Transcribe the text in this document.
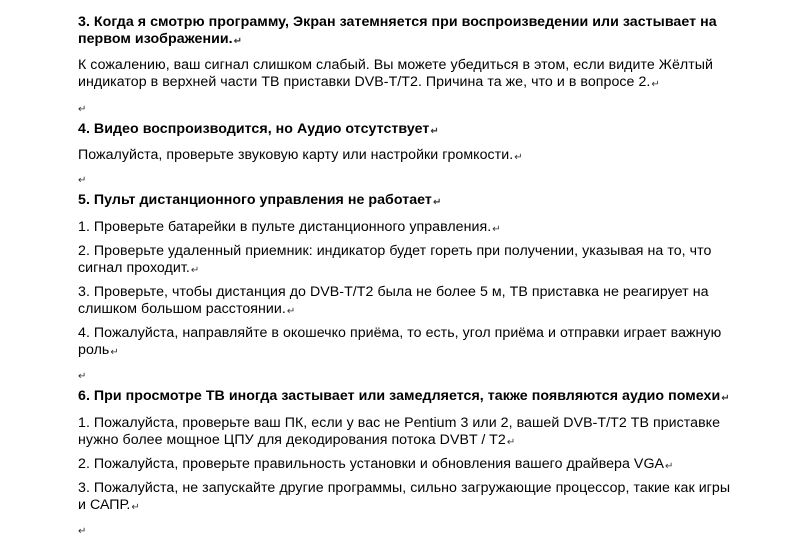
3. Когда я смотрю программу, Экран затемняется при воспроизведении или застывает на
первом изображении.↵
К сожалению, ваш сигнал слишком слабый. Вы можете убедиться в этом, если видите Жёлтый
индикатор в верхней части ТВ приставки DVB-T/T2. Причина та же, что и в вопросе 2.↵
↵
4. Видео воспроизводится, но Аудио отсутствует↵
Пожалуйста, проверьте звуковую карту или настройки громкости.↵
↵
5. Пульт дистанционного управления не работает↵
1. Проверьте батарейки в пульте дистанционного управления.↵
2. Проверьте удаленный приемник: индикатор будет гореть при получении, указывая на то, что
сигнал проходит.↵
3. Проверьте, чтобы дистанция до DVB-T/T2 была не более 5 м, ТВ приставка не реагирует на
слишком большом расстоянии.↵
4. Пожалуйста, направляйте в окошечко приёма, то есть, угол приёма и отправки играет важную
роль↵
↵
6. При просмотре ТВ иногда застывает или замедляется, также появляются аудио помехи↵
1. Пожалуйста, проверьте ваш ПК, если у вас не Pentium 3 или 2, вашей DVB-T/T2 ТВ приставке
нужно более мощное ЦПУ для декодирования потока DVBT / T2↵
2. Пожалуйста, проверьте правильность установки и обновления вашего драйвера VGA↵
3. Пожалуйста, не запускайте другие программы, сильно загружающие процессор, такие как игры
и САПР.↵
↵
